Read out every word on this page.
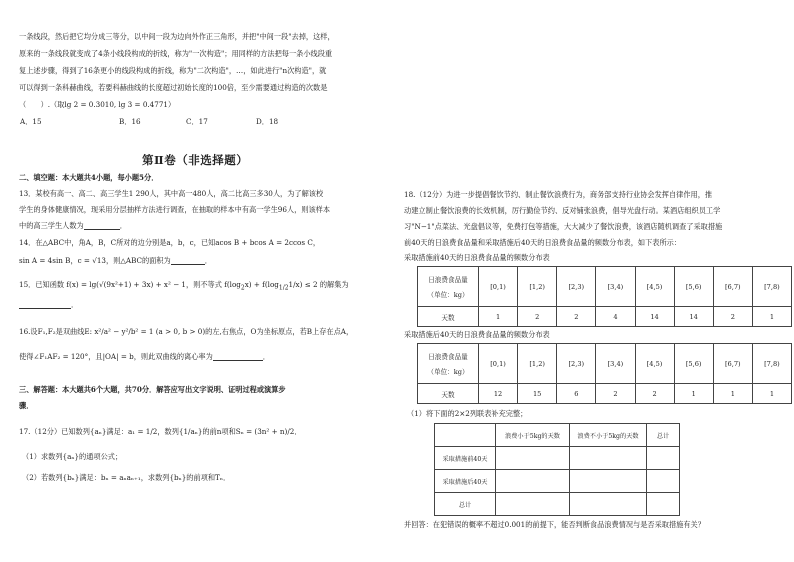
一条线段，然后把它均分成三等分，以中间一段为边向外作正三角形，并把"中间一段"去掉，这样，
原来的一条线段就变成了4条小线段构成的折线，称为"一次构造"；用同样的方法把每一条小线段重
复上述步骤，得到了16条更小的线段构成的折线，称为"二次构造"，…，如此进行"n次构造"，就
可以得到一条科赫曲线，若要科赫曲线的长度超过初始长度的100倍，至少需要通过构造的次数是
（　　）.（取lg 2 = 0.3010, lg 3 = 0.4771）
A．15	B．16	C．17	D．18
第Ⅱ卷（非选择题）
二、填空题：本大题共4小题，每小题5分．
13．某校有高一、高二、高三学生1 290人，其中高一480人，高二比高三多30人，为了解该校
学生的身体健康情况，现采用分层抽样方法进行调查，在抽取的样本中有高一学生96人，则该样本
中的高三学生人数为	．
14．在△ABC中，角A，B，C所对的边分别是a，b，c，已知acos B + bcos A = 2ccos C，
sin A = 4sin B，c = √13，则△ABC的面积为	．
15．已知函数 f(x) = lg(√(9x²+1) + 3x) + x² − 1，则不等式 $f(\log_2x) + f(\log_{1/2}1/x) \le 2$ 的解集为
．
16.设F₁,F₂是双曲线E: x²/a² − y²/b² = 1 (a > 0, b > 0)的左,右焦点，O为坐标原点，若B上存在点A，
使得∠F₁AF₂ = 120°，且|OA| = b，则此双曲线的离心率为	．
三、解答题：本大题共6个大题，共70分．解答应写出文字说明、证明过程或演算步
骤．
17.（12分）已知数列{aₙ}满足：a₁ = 1/2，数列{1/aₙ}的前n项和Sₙ = (3n² + n)/2．
（1）求数列{aₙ}的通项公式；
（2）若数列{bₙ}满足：bₙ = aₙaₙ₊₁，求数列{bₙ}的前项和Tₙ．
18.（12分）为进一步提倡餐饮节约、制止餐饮浪费行为，商务部支持行业协会发挥自律作用，推
动建立制止餐饮浪费的长效机制，厉行勤俭节约、反对铺张浪费，倡导光盘行动。某酒店组织员工学
习"N−1"点菜法、光盘倡议等，免费打包等措施，大大减少了餐饮浪费，该酒店随机调查了采取措施
前40天的日浪费食品量和采取措施后40天的日浪费食品量的频数分布表，如下表所示：
采取措施前40天的日浪费食品量的频数分布表
日浪费食品量
（单位：kg）	[0,1)	[1,2)	[2,3)	[3,4)	[4,5)	[5,6)	[6,7)	[7,8)
天数	1	2	2	4	14	14	2	1
采取措施后40天的日浪费食品量的频数分布表
日浪费食品量
（单位：kg）	[0,1)	[1,2)	[2,3)	[3,4)	[4,5)	[5,6)	[6,7)	[7,8)
天数	12	15	6	2	2	1	1	1
（1）将下面的2×2列联表补充完整；
	浪费小于5kg的天数	浪费不小于5kg的天数	总计
采取措施前40天			
采取措施后40天			
总计			
并回答：在犯错误的概率不超过0.001的前提下，能否判断食品浪费情况与是否采取措施有关？
